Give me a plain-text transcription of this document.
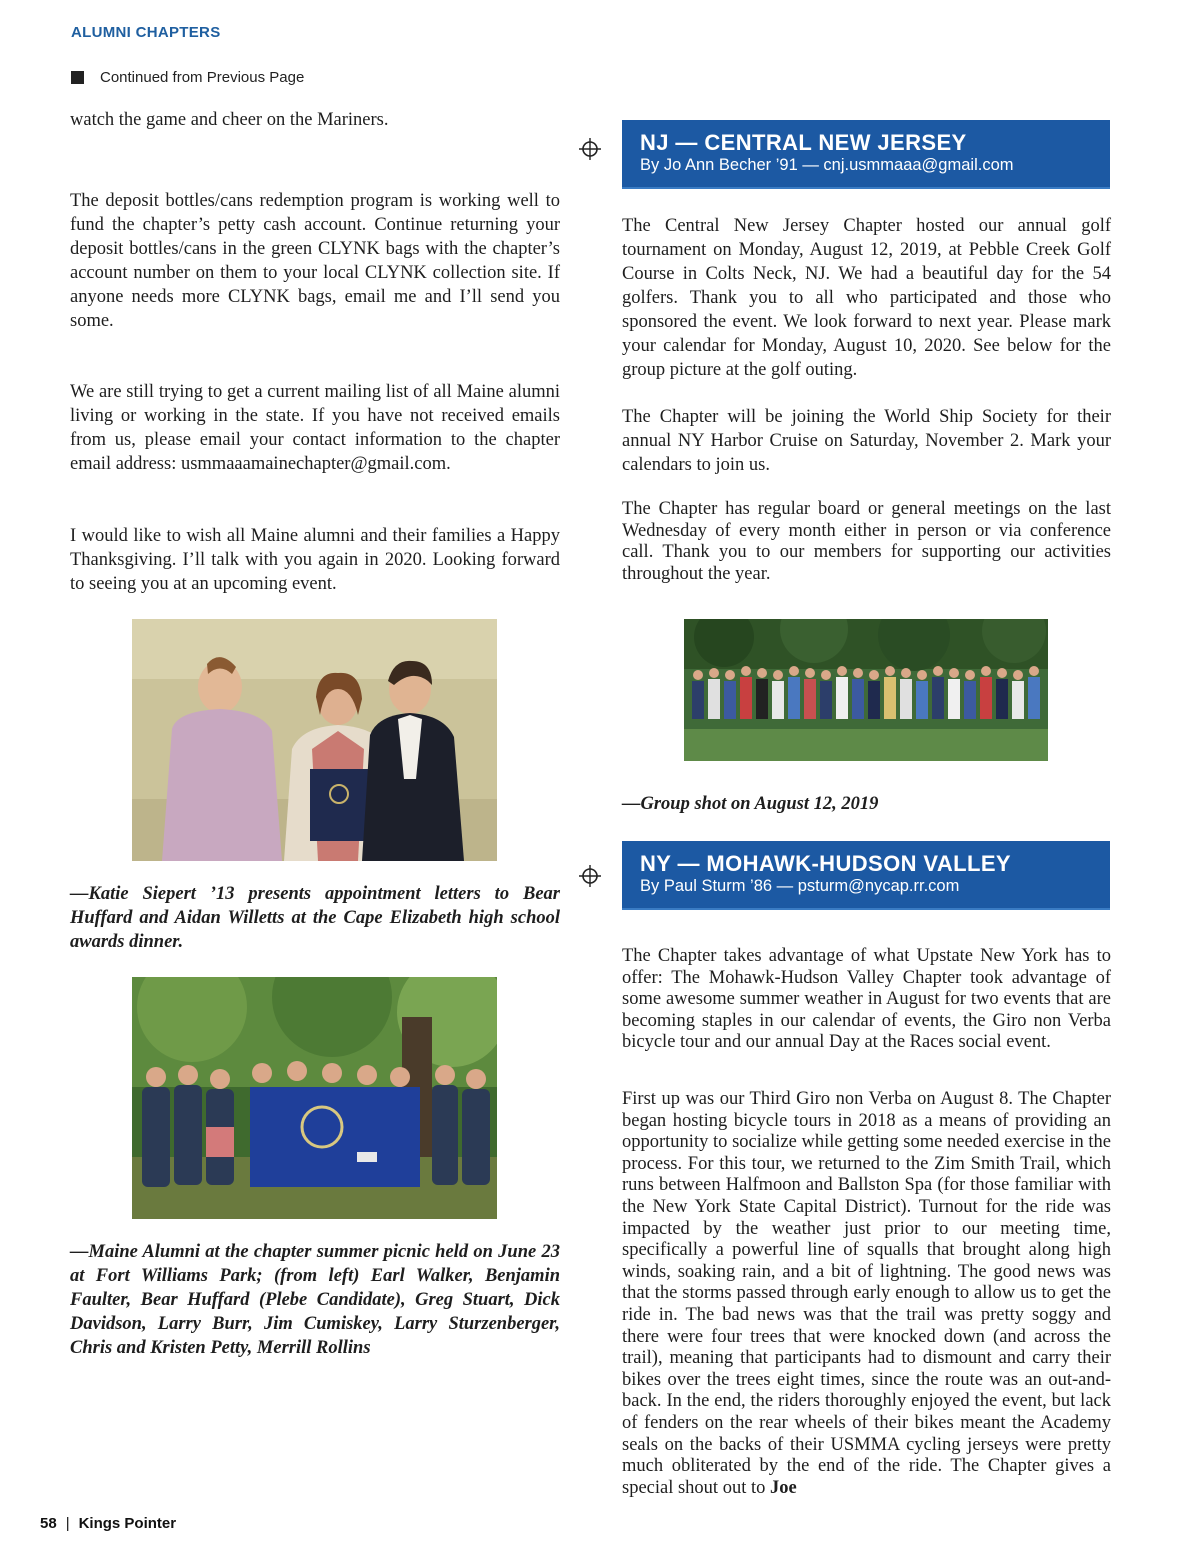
ALUMNI CHAPTERS
Continued from Previous Page

watch the game and cheer on the Mariners.

The deposit bottles/cans redemption program is working well to fund the chapter’s petty cash account. Continue returning your deposit bottles/cans in the green CLYNK bags with the chapter’s account number on them to your local CLYNK collection site. If anyone needs more CLYNK bags, email me and I’ll send you some.

We are still trying to get a current mailing list of all Maine alumni living or working in the state. If you have not received emails from us, please email your contact information to the chapter email address: usmmaaamainechapter@gmail.com.

I would like to wish all Maine alumni and their families a Happy Thanksgiving. I’ll talk with you again in 2020. Looking forward to seeing you at an upcoming event.

—Katie Siepert ’13 presents appointment letters to Bear Huffard and Aidan Willetts at the Cape Elizabeth high school awards dinner.

—Maine Alumni at the chapter summer picnic held on June 23 at Fort Williams Park; (from left) Earl Walker, Benjamin Faulter, Bear Huffard (Plebe Candidate), Greg Stuart, Dick Davidson, Larry Burr, Jim Cumiskey, Larry Sturzenberger, Chris and Kristen Petty, Merrill Rollins

NJ — CENTRAL NEW JERSEY
By Jo Ann Becher ’91 — cnj.usmmaaa@gmail.com

The Central New Jersey Chapter hosted our annual golf tournament on Monday, August 12, 2019, at Pebble Creek Golf Course in Colts Neck, NJ. We had a beautiful day for the 54 golfers. Thank you to all who participated and those who sponsored the event. We look forward to next year. Please mark your calendar for Monday, August 10, 2020. See below for the group picture at the golf outing.

The Chapter will be joining the World Ship Society for their annual NY Harbor Cruise on Saturday, November 2. Mark your calendars to join us.

The Chapter has regular board or general meetings on the last Wednesday of every month either in person or via conference call. Thank you to our members for supporting our activities throughout the year.

—Group shot on August 12, 2019

NY — MOHAWK-HUDSON VALLEY
By Paul Sturm ’86 — psturm@nycap.rr.com

The Chapter takes advantage of what Upstate New York has to offer: The Mohawk-Hudson Valley Chapter took advantage of some awesome summer weather in August for two events that are becoming staples in our calendar of events, the Giro non Verba bicycle tour and our annual Day at the Races social event.

First up was our Third Giro non Verba on August 8. The Chapter began hosting bicycle tours in 2018 as a means of providing an opportunity to socialize while getting some needed exercise in the process. For this tour, we returned to the Zim Smith Trail, which runs between Halfmoon and Ballston Spa (for those familiar with the New York State Capital District). Turnout for the ride was impacted by the weather just prior to our meeting time, specifically a powerful line of squalls that brought along high winds, soaking rain, and a bit of lightning. The good news was that the storms passed through early enough to allow us to get the ride in. The bad news was that the trail was pretty soggy and there were four trees that were knocked down (and across the trail), meaning that participants had to dismount and carry their bikes over the trees eight times, since the route was an out-and-back. In the end, the riders thoroughly enjoyed the event, but lack of fenders on the rear wheels of their bikes meant the Academy seals on the backs of their USMMA cycling jerseys were pretty much obliterated by the end of the ride. The Chapter gives a special shout out to Joe

58 | Kings Pointer
